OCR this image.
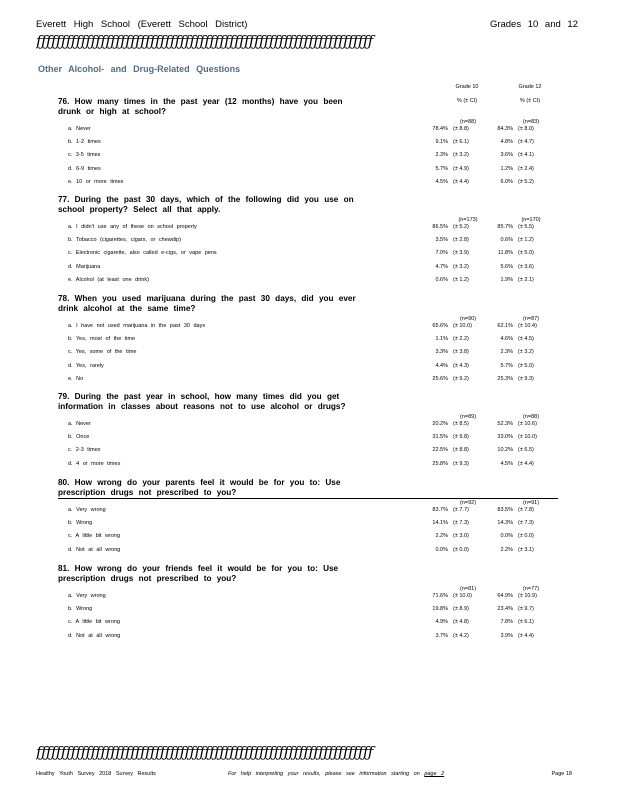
Everett High School (Everett School District)	Grades 10 and 12
ƒƒƒƒƒƒƒƒƒƒƒƒƒƒƒƒƒƒƒƒƒƒƒƒƒƒƒƒƒƒƒƒƒƒƒƒƒƒƒƒƒƒƒƒƒƒƒƒƒƒƒƒƒƒƒƒƒƒƒƒƒƒƒƒƒƒƒƒ
Other Alcohol- and Drug-Related Questions
Grade 10	Grade 12
% (± CI)	% (± CI)

76. How many times in the past year (12 months) have you been drunk or high at school?

(n=88)	(n=83)
a. Never	78.4% (± 8.8)	84.3% (± 8.0)
b. 1-2 times	9.1% (± 6.1)	4.8% (± 4.7)
c. 3-5 times	2.3% (± 3.2)	3.6% (± 4.1)
d. 6-9 times	5.7% (± 4.9)	1.2% (± 2.4)
e. 10 or more times	4.5% (± 4.4)	6.0% (± 5.2)

77. During the past 30 days, which of the following did you use on school property? Select all that apply.

(n=173)	(n=170)
a. I didn't use any of these on school property	86.5% (± 5.2)	85.7% (± 5.5)
b. Tobacco (cigarettes, cigars, or chewdip)	3.5% (± 2.8)	0.6% (± 1.2)
c. Electronic cigarette, also called e-cigs, or vape pens	7.0% (± 3.9)	11.8% (± 5.0)
d. Marijuana	4.7% (± 3.2)	5.6% (± 3.6)
e. Alcohol (at least one drink)	0.6% (± 1.2)	1.9% (± 2.1)

78. When you used marijuana during the past 30 days, did you ever drink alcohol at the same time?

(n=90)	(n=87)
a. I have not used marijuana in the past 30 days	65.6% (± 10.0)	62.1% (± 10.4)
b. Yes, most of the time	1.1% (± 2.2)	4.6% (± 4.5)
c. Yes, some of the time	3.3% (± 3.8)	2.3% (± 3.2)
d. Yes, rarely	4.4% (± 4.3)	5.7% (± 5.0)
e. No	25.6% (± 9.2)	25.3% (± 9.3)

79. During the past year in school, how many times did you get information in classes about reasons not to use alcohol or drugs?

(n=89)	(n=88)
a. Never	20.2% (± 8.5)	52.3% (± 10.6)
b. Once	31.5% (± 9.8)	33.0% (± 10.0)
c. 2-3 times	22.5% (± 8.8)	10.2% (± 6.5)
d. 4 or more times	25.8% (± 9.3)	4.5% (± 4.4)

80. How wrong do your parents feel it would be for you to: Use prescription drugs not prescribed to you?

(n=92)	(n=91)
a. Very wrong	83.7% (± 7.7)	83.5% (± 7.8)
b. Wrong	14.1% (± 7.3)	14.3% (± 7.3)
c. A little bit wrong	2.2% (± 3.0)	0.0% (± 0.0)
d. Not at all wrong	0.0% (± 0.0)	2.2% (± 3.1)

81. How wrong do your friends feel it would be for you to: Use prescription drugs not prescribed to you?

(n=81)	(n=77)
a. Very wrong	71.6% (± 10.0)	64.9% (± 10.9)
b. Wrong	19.8% (± 8.9)	23.4% (± 9.7)
c. A little bit wrong	4.9% (± 4.8)	7.8% (± 6.1)
d. Not at all wrong	3.7% (± 4.2)	3.9% (± 4.4)
ƒƒƒƒƒƒƒƒƒƒƒƒƒƒƒƒƒƒƒƒƒƒƒƒƒƒƒƒƒƒƒƒƒƒƒƒƒƒƒƒƒƒƒƒƒƒƒƒƒƒƒƒƒƒƒƒƒƒƒƒƒƒƒƒƒƒƒƒ
Healthy Youth Survey 2018 Survey Results	For help interpreting your results, please see information starting on page 2	Page 18
